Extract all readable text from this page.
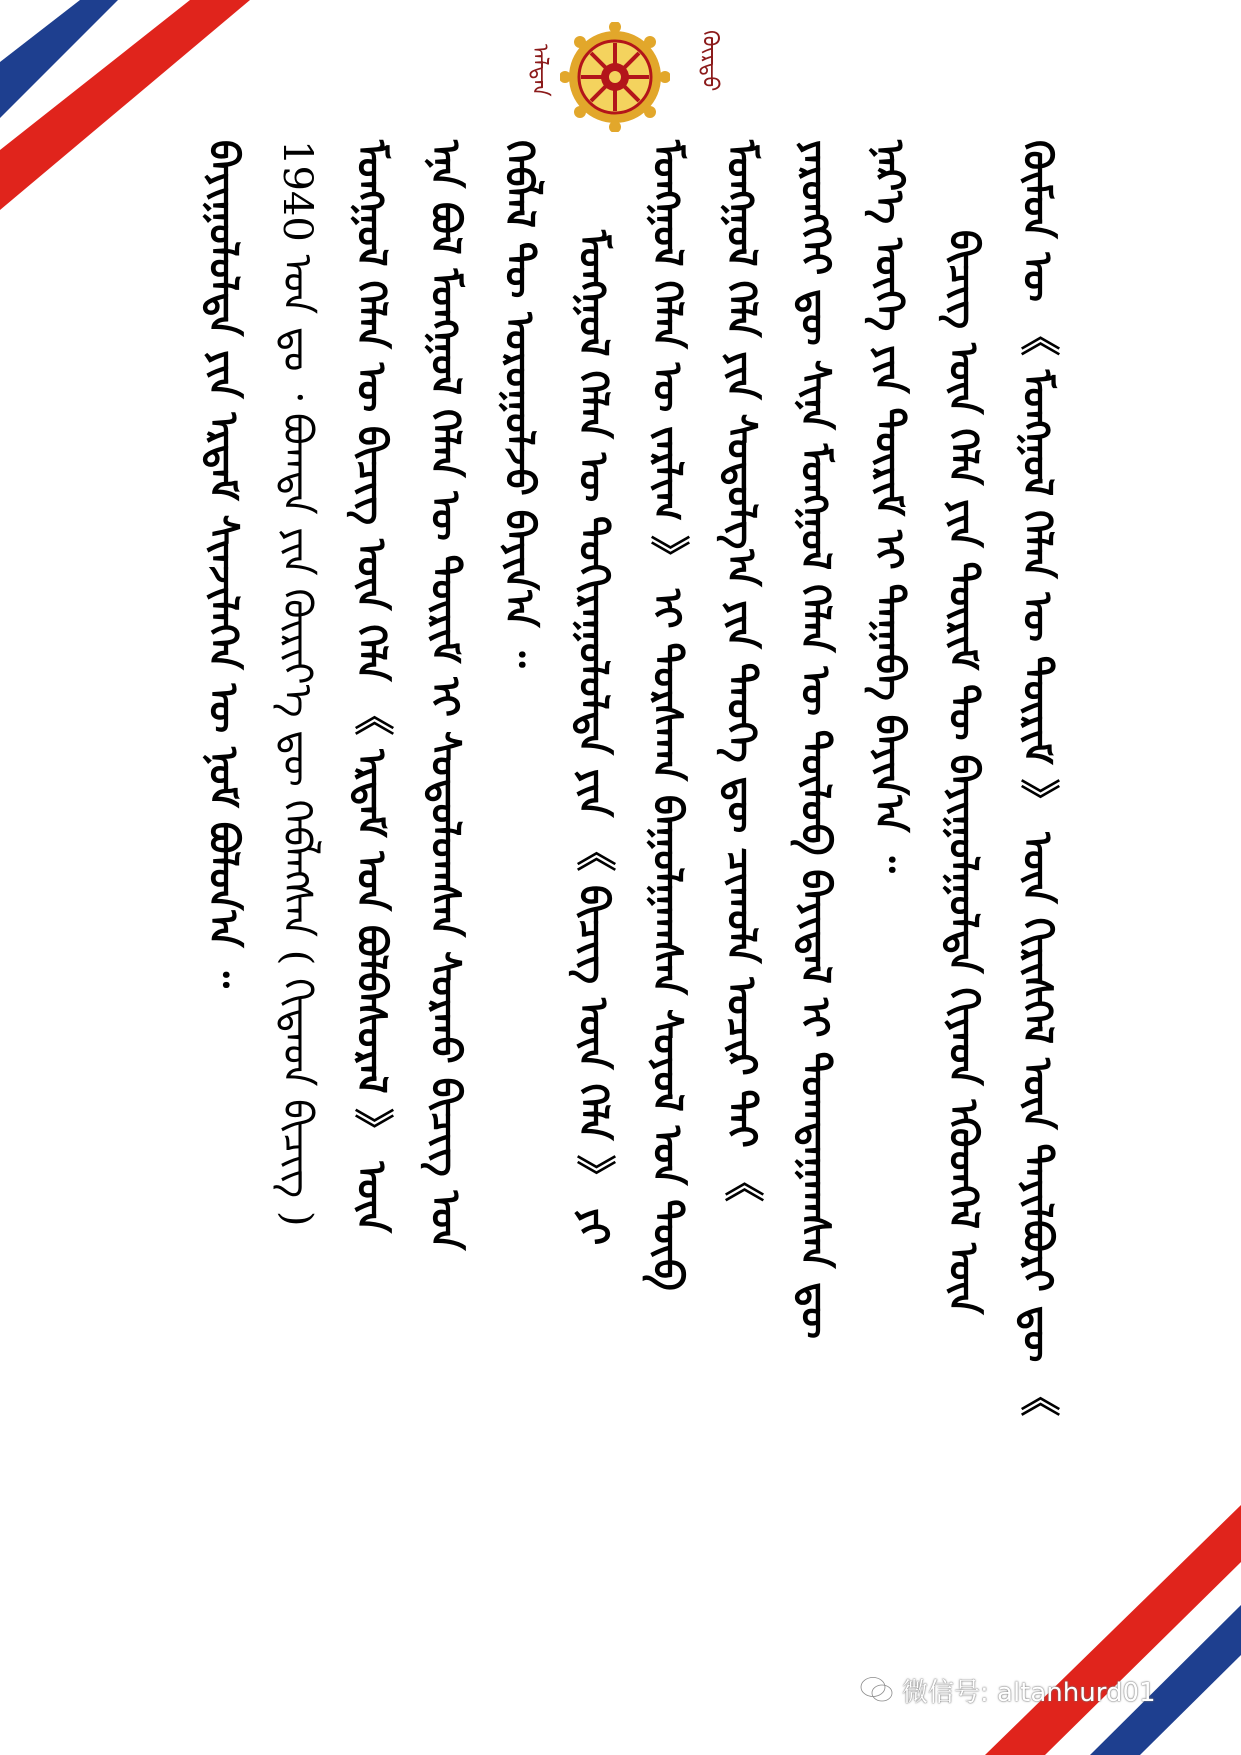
ᠠᠯᠲᠠᠨ	ᠬᠦᠷᠳᠦ
ᠬᠦᠮᠦᠨ ᠦ 《 ᠮᠣᠩᠭᠣᠯ ᠬᠡᠯᠡᠨ ᠦ ᠳᠦᠷᠢᠮ 》 ᠦᠨ ᠬᠢᠷᠢᠰᠭᠡᠯ ᠦᠨ ᠲᠠᠶᠢᠯᠪᠤᠷᠢ ᠳᠦ 《
ᠪᠢᠴᠢᠭ ᠦᠨ ᠬᠡᠯᠡ ᠶᠢᠨ ᠳᠦᠷᠢᠮ ᠲᠦ ᠪᠠᠶᠢᠭᠤᠯᠭᠤᠯᠲᠠ ᠬᠢᠶᠡᠳ ᠡᠭᠦᠳᠬᠡᠯ ᠦᠨ
ᠨᠡᠷ᠎ᠡ ᠦᠭᠡ ᠶᠢᠨ ᠳᠦᠷᠢᠮ ᠢ ᠳᠠᠭᠠᠪᠠ ᠪᠠᠶᠢᠨ᠎ᠠ ᠃
ᠶᠡᠷᠦᠩᠬᠡᠢ ᠳᠦ ᠰᠢᠨᠡ ᠮᠣᠩᠭᠣᠯ ᠬᠡᠯᠡᠨ ᠦ ᠲᠥᠯᠥᠪ ᠪᠠᠶᠢᠳᠠᠯ ᠢ ᠲᠣᠭᠲᠠᠭᠠᠭᠰᠠᠨ ᠳᠦ
ᠮᠣᠩᠭᠣᠯ ᠬᠡᠯᠡ ᠶᠢᠨ ᠰᠤᠳᠤᠯᠭ᠎ᠠ ᠶᠢᠨ ᠲᠡᠦᠬᠡ ᠳᠦ ᠴᠢᠬᠤᠯᠠ ᠤᠴᠢᠷ ᠲᠠᠢ 《
ᠮᠣᠩᠭᠣᠯ ᠬᠡᠯᠡᠨ ᠦ ᠵᠠᠷᠯᠢᠭ 》 ᠢ ᠳᠤᠷᠰᠬᠠᠨ ᠪᠠᠭᠤᠯᠭᠠᠭᠰᠠᠨ ᠰᠣᠶᠣᠯ ᠤᠨ ᠲᠥᠪ
ᠮᠣᠩᠭᠣᠯ ᠬᠡᠯᠡᠨ ᠦ ᠲᠣᠬᠢᠷᠠᠭᠤᠯᠤᠯᠲᠠ ᠶᠢᠨ 《 ᠪᠢᠴᠢᠭ ᠦᠨ ᠬᠡᠯᠡ 》 ᠶᠢ
ᠬᠡᠪᠯᠡᠯ ᠲᠦ ᠣᠷᠣᠭᠤᠯᠵᠤ ᠪᠠᠶᠢᠨ᠎ᠠ ᠃
ᠡᠨᠡ ᠪᠣᠯ ᠮᠣᠩᠭᠣᠯ ᠬᠡᠯᠡᠨ ᠦ ᠳᠦᠷᠢᠮ ᠢ ᠰᠤᠳᠤᠯᠤᠭᠰᠠᠨ ᠰᠤᠷᠬᠤ ᠪᠢᠴᠢᠭ ᠤᠨ
ᠮᠣᠩᠭᠣᠯ ᠬᠡᠯᠡᠨ ᠦ ᠪᠢᠴᠢᠭ ᠦᠨ ᠬᠡᠯᠡ 《 ᠡᠷᠳᠡᠮ ᠤᠨ ᠪᠣᠯᠪᠠᠰᠤᠷᠠᠯ 》 ᠦᠨ
1940 ᠣᠨ ᠳᠤ ᠂ ᠪᠣᠭᠳᠠ ᠶᠢᠨ ᠬᠦᠷᠢᠶ᠎ᠡ ᠳᠦ ᠬᠡᠪᠯᠡᠭᠰᠡᠨ ( ᠬᠢᠲᠠᠳ ᠪᠢᠴᠢᠭ )
ᠪᠠᠶᠢᠭᠤᠯᠤᠯᠲᠠ ᠶᠢᠨ ᠡᠷᠳᠡᠮ ᠰᠢᠨᠵᠢᠯᠡᠭᠡᠨ ᠦ ᠨᠣᠮ ᠪᠣᠯᠤᠨ᠎ᠠ ᠃
微信号: altanhurd01
